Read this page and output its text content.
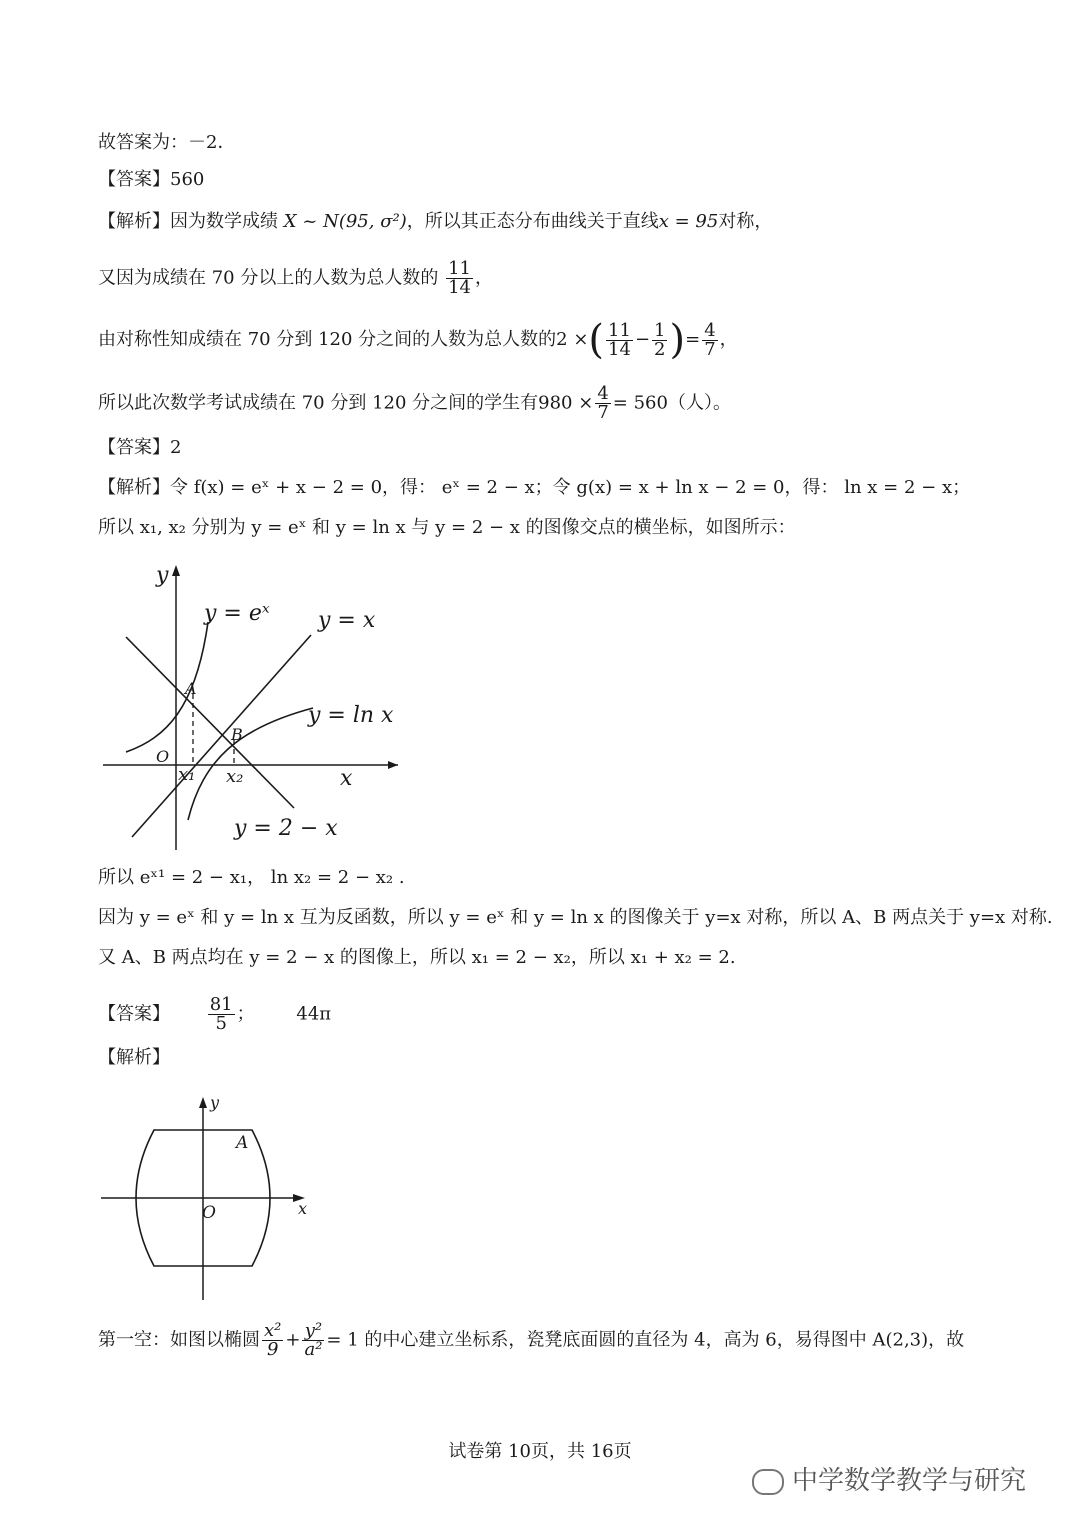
故答案为：－2．
【答案】560
【解析】因为数学成绩 X ~ N(95, σ²)，所以其正态分布曲线关于直线x = 95对称，
又因为成绩在 70 分以上的人数为总人数的 $\frac{11}{14}$ ，
由对称性知成绩在 70 分到 120 分之间的人数为总人数的2 ×( $\frac{11}{14} - \frac{1}{2}$ )= $\frac{4}{7}$ ，
所以此次数学考试成绩在 70 分到 120 分之间的学生有$980 \times \frac{4}{7} = 560$（人）。
【答案】2
【解析】令 f(x) = eˣ + x − 2 = 0，得： eˣ = 2 − x；令 g(x) = x + ln x − 2 = 0，得： ln x = 2 − x；
所以 x₁, x₂ 分别为 y = eˣ 和 y = ln x 与 y = 2 − x 的图像交点的横坐标，如图所示：
y
x
y = eˣ y = x
y = ln x
y = 2 − x
A
B
O
x₁ x₂
所以 eˣ¹ = 2 − x₁， ln x₂ = 2 − x₂ .
因为 y = eˣ 和 y = ln x 互为反函数，所以 y = eˣ 和 y = ln x 的图像关于 y=x 对称，所以 A、B 两点关于 y=x 对称.
又 A、B 两点均在 y = 2 − x 的图像上，所以 x₁ = 2 − x₂，所以 x₁ + x₂ = 2.
【答案】 $\frac{81}{5}$ ； 44π
【解析】
y
x
O
A
第一空：如图以椭圆 $\frac{\text{x²}}{9} + \frac{\text{y²}}{\text{a²}} = 1$ 的中心建立坐标系，瓷凳底面圆的直径为 4，高为 6，易得图中 A(2,3)，故
试卷第 10页，共 16页
中学数学教学与研究
